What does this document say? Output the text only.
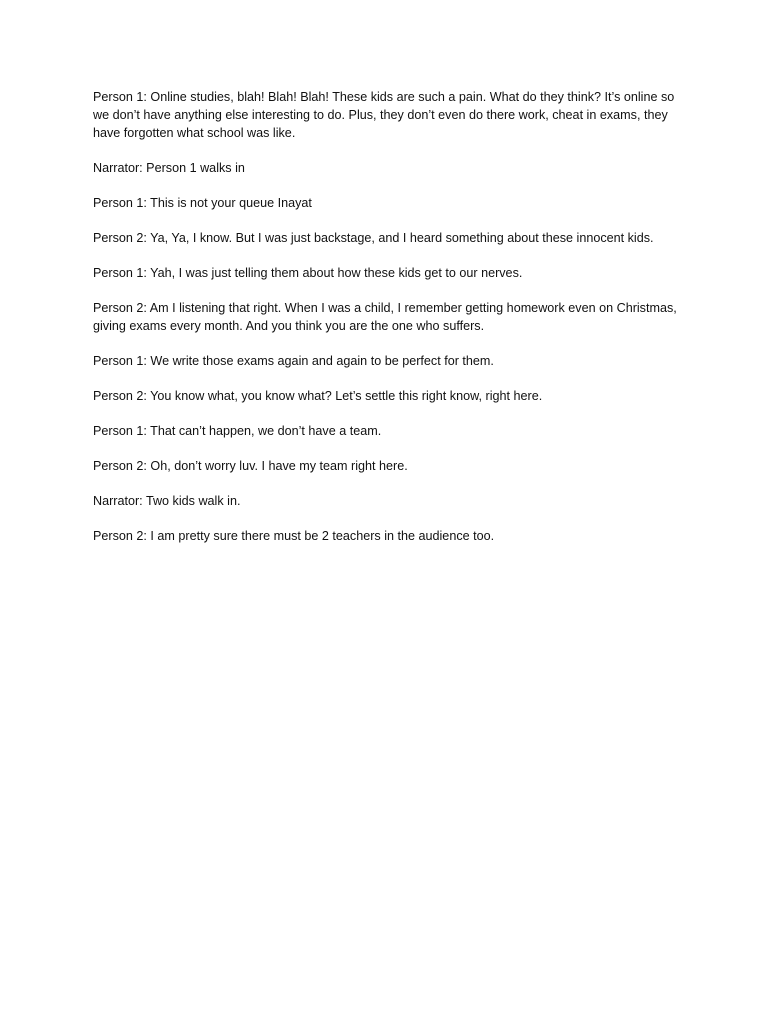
Person 1: Online studies, blah! Blah! Blah! These kids are such a pain. What do they think? It’s online so we don’t have anything else interesting to do. Plus, they don’t even do there work, cheat in exams, they have forgotten what school was like.

Narrator: Person 1 walks in

Person 1: This is not your queue Inayat

Person 2: Ya, Ya, I know. But I was just backstage, and I heard something about these innocent kids.

Person 1: Yah, I was just telling them about how these kids get to our nerves.

Person 2: Am I listening that right. When I was a child, I remember getting homework even on Christmas, giving exams every month. And you think you are the one who suffers.

Person 1: We write those exams again and again to be perfect for them.

Person 2: You know what, you know what? Let’s settle this right know, right here.

Person 1: That can’t happen, we don’t have a team.

Person 2: Oh, don’t worry luv. I have my team right here.

Narrator: Two kids walk in.

Person 2: I am pretty sure there must be 2 teachers in the audience too.
